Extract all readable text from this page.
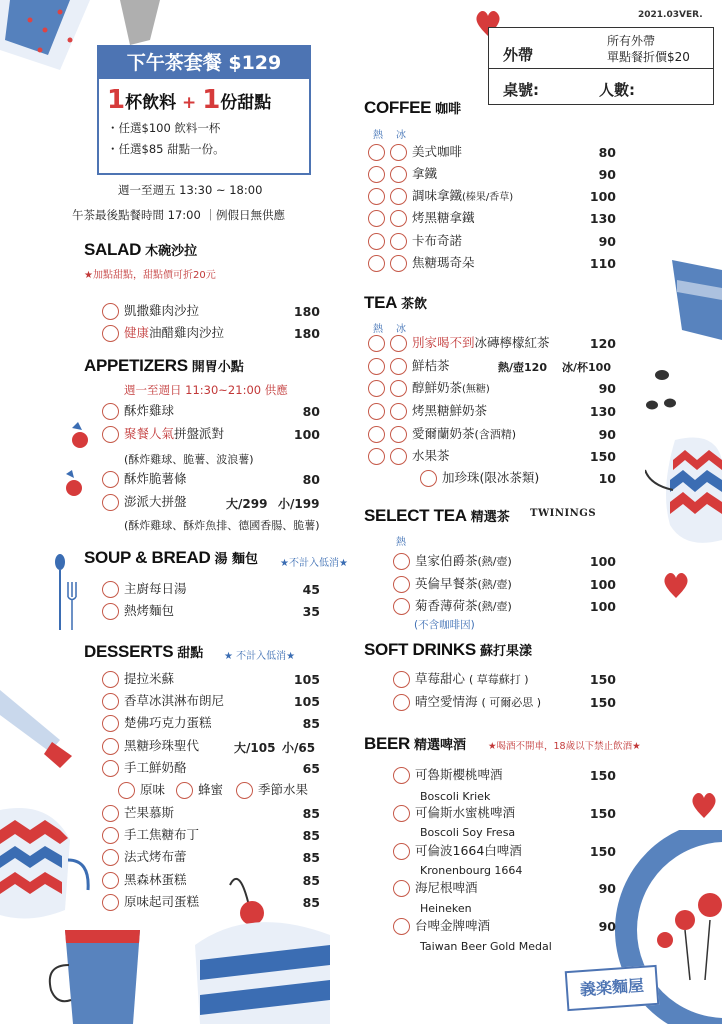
2021.03VER.
外帶
所有外帶
單點餐折價$20
桌號:	人數:
下午茶套餐 $129
1杯飲料 + 1份甜點
・任選$100 飲料一杯
・任選$85 甜點一份。
週一至週五 13:30 ~ 18:00
午茶最後點餐時間 17:00 ｜例假日無供應
SALAD 木碗沙拉
★加點甜點，甜點價可折20元
凱撒雞肉沙拉	180
健康油醋雞肉沙拉	180
APPETIZERS 開胃小點
週一至週日 11:30~21:00 供應
酥炸雞球	80
聚餐人氣拼盤派對	100
(酥炸雞球、脆薯、波浪薯)
酥炸脆薯條	80
澎派大拼盤	大/299 小/199
(酥炸雞球、酥炸魚排、德國香腸、脆薯)
SOUP & BREAD 湯 麵包 ★不計入低消★
主廚每日湯	45
熱烤麵包	35
DESSERTS 甜點 ★ 不計入低消★
提拉米蘇	105
香草冰淇淋布朗尼	105
楚佛巧克力蛋糕	85
黑糖珍珠聖代	大/105 小/65
手工鮮奶酪	65
原味	蜂蜜	季節水果
芒果慕斯	85
手工焦糖布丁	85
法式烤布蕾	85
黑森林蛋糕	85
原味起司蛋糕	85
COFFEE 咖啡
熱 冰
美式咖啡	80
拿鐵	90
調味拿鐵(榛果/香草)	100
烤黑糖拿鐵	130
卡布奇諾	90
焦糖瑪奇朵	110
TEA 茶飲
熱 冰
別家喝不到冰磚檸檬紅茶	120
鮮桔茶	熱/壺120 冰/杯100
醇鮮奶茶(無糖)	90
烤黑糖鮮奶茶	130
愛爾蘭奶茶(含酒精)	90
水果茶	150
加珍珠(限冰茶類)	10
SELECT TEA 精選茶 TWININGS
熱
皇家伯爵茶(熱/壺)	100
英倫早餐茶(熱/壺)	100
菊香薄荷茶(熱/壺)	100
(不含咖啡因)
SOFT DRINKS 蘇打果漾
草莓甜心 ( 草莓蘇打 )	150
晴空愛情海 ( 可爾必思 )	150
BEER 精選啤酒 ★喝酒不開車，18歲以下禁止飲酒★
可魯斯櫻桃啤酒	150
Boscoli Kriek
可倫斯水蜜桃啤酒	150
Boscoli Soy Fresa
可倫波1664白啤酒	150
Kronenbourg 1664
海尼根啤酒	90
Heineken
台啤金牌啤酒	90
Taiwan Beer Gold Medal
義楽麵屋
